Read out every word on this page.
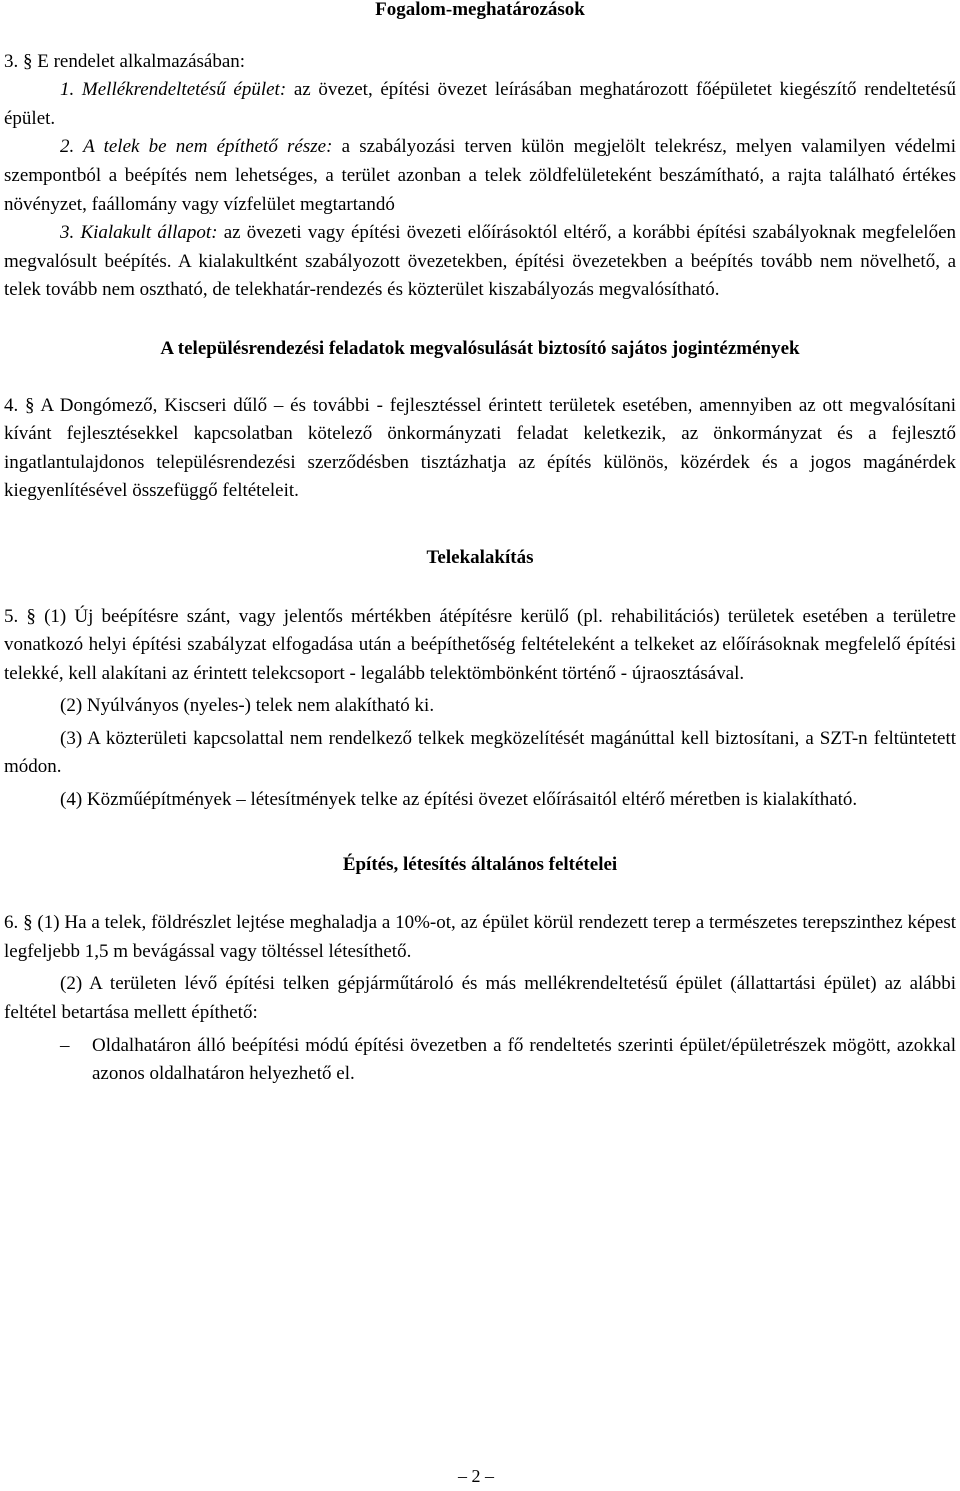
Fogalom-meghatározások

3. § E rendelet alkalmazásában:

1. Mellékrendeltetésű épület: az övezet, építési övezet leírásában meghatározott főépületet kiegészítő rendeltetésű épület.

2. A telek be nem építhető része: a szabályozási terven külön megjelölt telekrész, melyen valamilyen védelmi szempontból a beépítés nem lehetséges, a terület azonban a telek zöldfelületeként beszámítható, a rajta található értékes növényzet, faállomány vagy vízfelület megtartandó

3. Kialakult állapot: az övezeti vagy építési övezeti előírásoktól eltérő, a korábbi építési szabályoknak megfelelően megvalósult beépítés. A kialakultként szabályozott övezetekben, építési övezetekben a beépítés tovább nem növelhető, a telek tovább nem osztható, de telekhatár-rendezés és közterület kiszabályozás megvalósítható.

A településrendezési feladatok megvalósulását biztosító sajátos jogintézmények

4. § A Dongómező, Kiscseri dűlő – és további - fejlesztéssel érintett területek esetében, amennyiben az ott megvalósítani kívánt fejlesztésekkel kapcsolatban kötelező önkormányzati feladat keletkezik, az önkormányzat és a fejlesztő ingatlantulajdonos településrendezési szerződésben tisztázhatja az építés különös, közérdek és a jogos magánérdek kiegyenlítésével összefüggő feltételeit.

Telekalakítás

5. § (1) Új beépítésre szánt, vagy jelentős mértékben átépítésre kerülő (pl. rehabilitációs) területek esetében a területre vonatkozó helyi építési szabályzat elfogadása után a beépíthetőség feltételeként a telkeket az előírásoknak megfelelő építési telekké, kell alakítani az érintett telekcsoport - legalább telektömbönként történő - újraosztásával.

(2) Nyúlványos (nyeles-) telek nem alakítható ki.

(3) A közterületi kapcsolattal nem rendelkező telkek megközelítését magánúttal kell biztosítani, a SZT-n feltüntetett módon.

(4) Közműépítmények – létesítmények telke az építési övezet előírásaitól eltérő méretben is kialakítható.

Építés, létesítés általános feltételei

6. § (1) Ha a telek, földrészlet lejtése meghaladja a 10%-ot, az épület körül rendezett terep a természetes terepszinthez képest legfeljebb 1,5 m bevágással vagy töltéssel létesíthető.

(2) A területen lévő építési telken gépjárműtároló és más mellékrendeltetésű épület (állattartási épület) az alábbi feltétel betartása mellett építhető:

–	Oldalhatáron álló beépítési módú építési övezetben a fő rendeltetés szerinti épület/épületrészek mögött, azokkal azonos oldalhatáron helyezhető el.
– 2 –
